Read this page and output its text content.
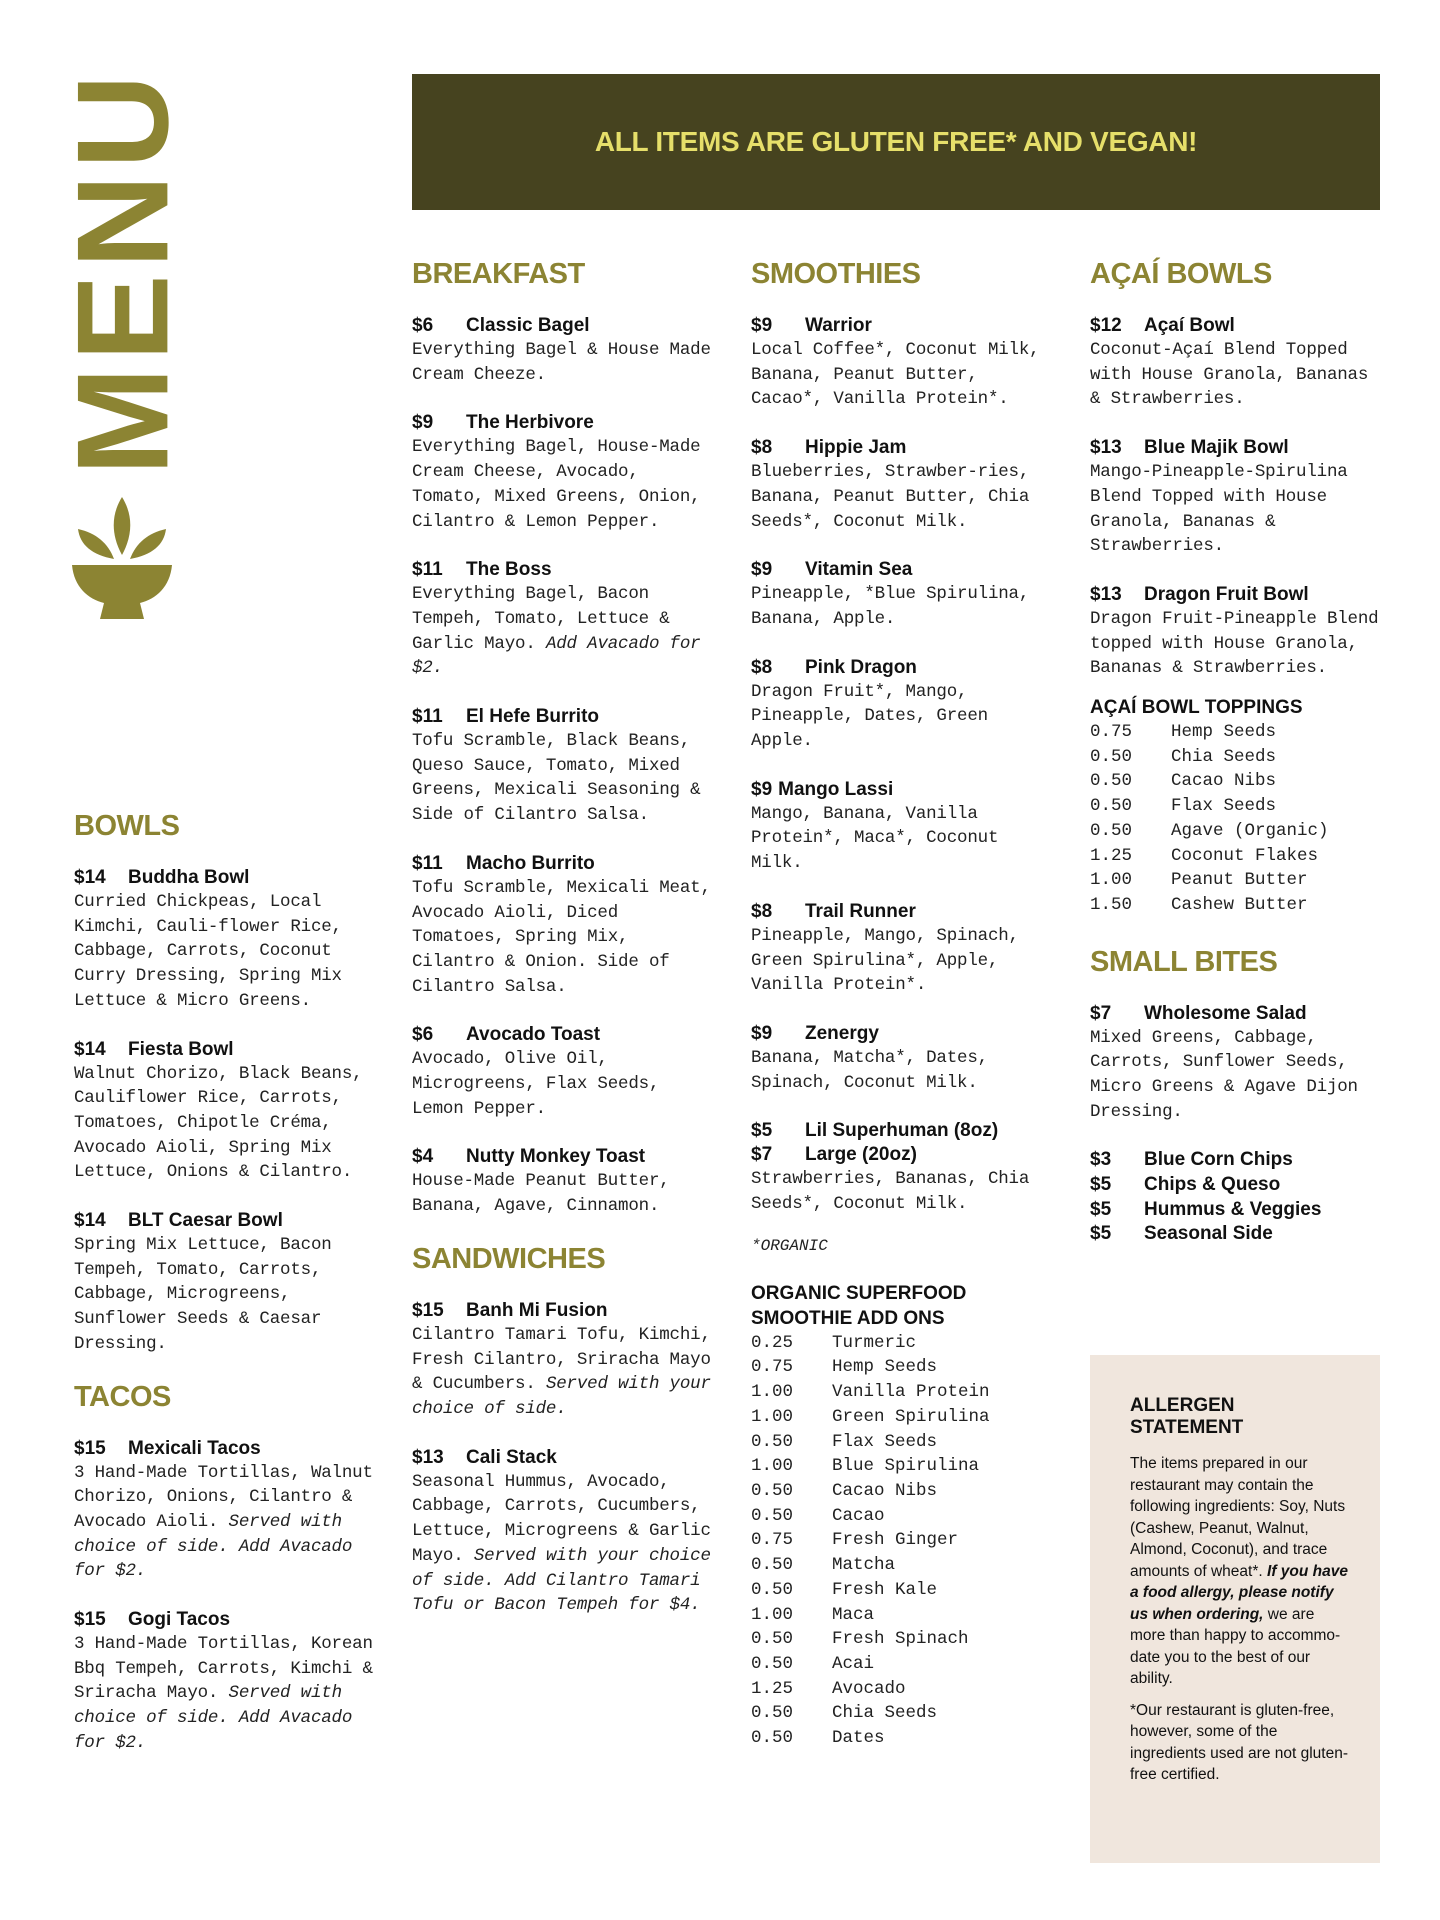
MENU
BOWLS
$14	Buddha Bowl

Curried Chickpeas, Local Kimchi, Cauli-flower Rice, Cabbage, Carrots, Coconut Curry Dressing, Spring Mix Lettuce & Micro Greens.

$14	Fiesta Bowl

Walnut Chorizo, Black Beans, Cauliflower Rice, Carrots, Tomatoes, Chipotle Créma, Avocado Aioli, Spring Mix Lettuce, Onions & Cilantro.

$14	BLT Caesar Bowl

Spring Mix Lettuce, Bacon Tempeh, Tomato, Carrots, Cabbage, Microgreens, Sunflower Seeds & Caesar Dressing.

TACOS
$15	Mexicali Tacos

3 Hand-Made Tortillas, Walnut Chorizo, Onions, Cilantro & Avocado Aioli. Served with choice of side. Add Avacado for $2.

$15	Gogi Tacos

3 Hand-Made Tortillas, Korean Bbq Tempeh, Carrots, Kimchi & Sriracha Mayo. Served with choice of side. Add Avacado for $2.

ALL ITEMS ARE GLUTEN FREE* AND VEGAN!
BREAKFAST
$6	Classic Bagel

Everything Bagel & House Made Cream Cheeze.

$9	The Herbivore

Everything Bagel, House-Made Cream Cheese, Avocado, Tomato, Mixed Greens, Onion, Cilantro & Lemon Pepper.

$11	The Boss

Everything Bagel, Bacon Tempeh, Tomato, Lettuce & Garlic Mayo. Add Avacado for $2.

$11	El Hefe Burrito

Tofu Scramble, Black Beans, Queso Sauce, Tomato, Mixed Greens, Mexicali Seasoning & Side of Cilantro Salsa.

$11	Macho Burrito

Tofu Scramble, Mexicali Meat, Avocado Aioli, Diced Tomatoes, Spring Mix, Cilantro & Onion. Side of Cilantro Salsa.

$6	Avocado Toast

Avocado, Olive Oil, Microgreens, Flax Seeds, Lemon Pepper.

$4	Nutty Monkey Toast

House-Made Peanut Butter, Banana, Agave, Cinnamon.

SANDWICHES
$15	Banh Mi Fusion

Cilantro Tamari Tofu, Kimchi, Fresh Cilantro, Sriracha Mayo & Cucumbers. Served with your choice of side.

$13	Cali Stack

Seasonal Hummus, Avocado, Cabbage, Carrots, Cucumbers, Lettuce, Microgreens & Garlic Mayo. Served with your choice of side. Add Cilantro Tamari Tofu or Bacon Tempeh for $4.

SMOOTHIES
$9	Warrior

Local Coffee*, Coconut Milk, Banana, Peanut Butter, Cacao*, Vanilla Protein*.

$8	Hippie Jam

Blueberries, Strawber-ries, Banana, Peanut Butter, Chia Seeds*, Coconut Milk.

$9	Vitamin Sea

Pineapple, *Blue Spirulina, Banana, Apple.

$8	Pink Dragon

Dragon Fruit*, Mango, Pineapple, Dates, Green Apple.

$9 Mango Lassi

Mango, Banana, Vanilla Protein*, Maca*, Coconut Milk.

$8	Trail Runner

Pineapple, Mango, Spinach, Green Spirulina*, Apple, Vanilla Protein*.

$9	Zenergy

Banana, Matcha*, Dates, Spinach, Coconut Milk.

$5	Lil Superhuman (8oz)
$7	Large (20oz)

Strawberries, Bananas, Chia Seeds*, Coconut Milk.

*ORGANIC

ORGANIC SUPERFOOD SMOOTHIE ADD ONS
0.25	Turmeric
0.75	Hemp Seeds
1.00	Vanilla Protein
1.00	Green Spirulina
0.50	Flax Seeds
1.00	Blue Spirulina
0.50	Cacao Nibs
0.50	Cacao
0.75	Fresh Ginger
0.50	Matcha
0.50	Fresh Kale
1.00	Maca
0.50	Fresh Spinach
0.50	Acai
1.25	Avocado
0.50	Chia Seeds
0.50	Dates
AÇAÍ BOWLS
$12	Açaí Bowl

Coconut-Açaí Blend Topped with House Granola, Bananas & Strawberries.

$13	Blue Majik Bowl

Mango-Pineapple-Spirulina Blend Topped with House Granola, Bananas & Strawberries.

$13	Dragon Fruit Bowl

Dragon Fruit-Pineapple Blend topped with House Granola, Bananas & Strawberries.

AÇAÍ BOWL TOPPINGS
0.75	Hemp Seeds
0.50	Chia Seeds
0.50	Cacao Nibs
0.50	Flax Seeds
0.50	Agave (Organic)
1.25	Coconut Flakes
1.00	Peanut Butter
1.50	Cashew Butter
SMALL BITES
$7	Wholesome Salad

Mixed Greens, Cabbage, Carrots, Sunflower Seeds, Micro Greens & Agave Dijon Dressing.

$3	Blue Corn Chips
$5	Chips & Queso
$5	Hummus & Veggies
$5	Seasonal Side
ALLERGEN STATEMENT

The items prepared in our restaurant may contain the following ingredients: Soy, Nuts (Cashew, Peanut, Walnut, Almond, Coconut), and trace amounts of wheat*. If you have a food allergy, please notify us when ordering, we are more than happy to accommo-date you to the best of our ability.

*Our restaurant is gluten-free, however, some of the ingredients used are not gluten-free certified.
